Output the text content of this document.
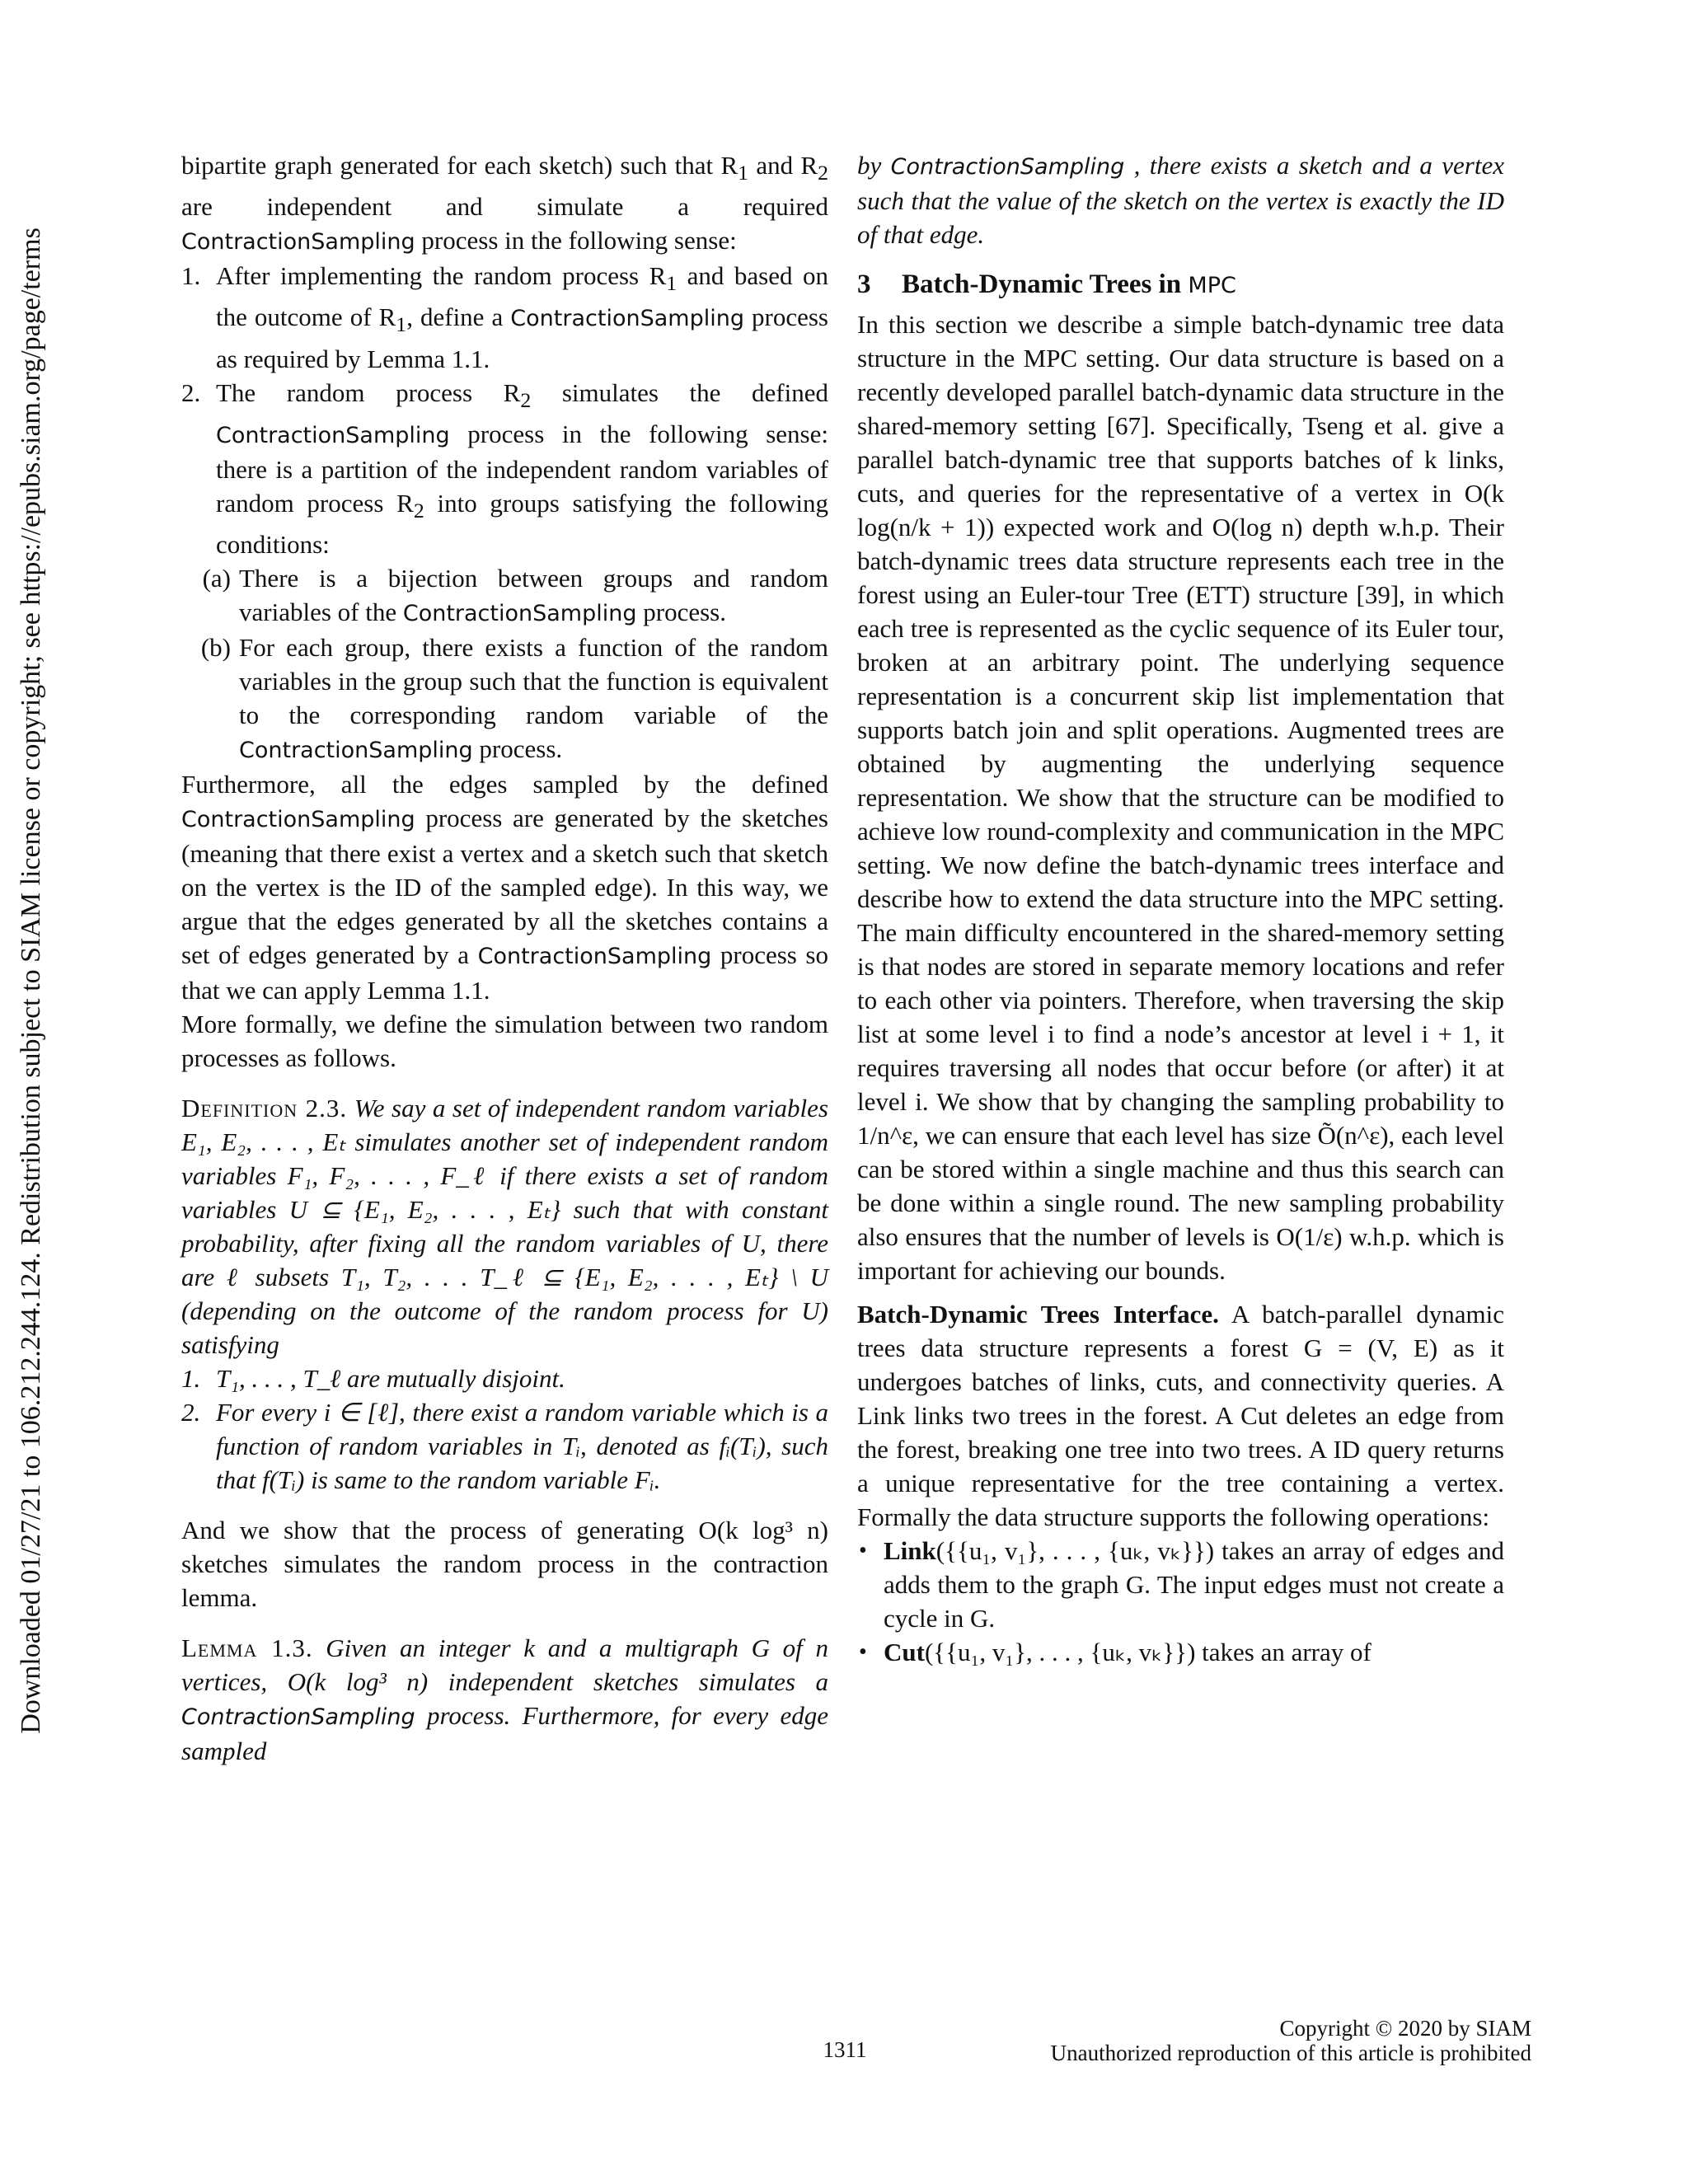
Downloaded 01/27/21 to 106.212.244.124. Redistribution subject to SIAM license or copyright; see https://epubs.siam.org/page/terms

bipartite graph generated for each sketch) such that $R_1$ and $R_2$ are independent and simulate a required ContractionSampling process in the following sense:

1. After implementing the random process $R_1$ and based on the outcome of $R_1$, define a ContractionSampling process as required by Lemma 1.1.
2. The random process $R_2$ simulates the defined ContractionSampling process in the following sense: there is a partition of the independent random variables of random process $R_2$ into groups satisfying the following conditions:
(a) There is a bijection between groups and random variables of the ContractionSampling process.
(b) For each group, there exists a function of the random variables in the group such that the function is equivalent to the corresponding random variable of the ContractionSampling process.

Furthermore, all the edges sampled by the defined ContractionSampling process are generated by the sketches (meaning that there exist a vertex and a sketch such that sketch on the vertex is the ID of the sampled edge). In this way, we argue that the edges generated by all the sketches contains a set of edges generated by a ContractionSampling process so that we can apply Lemma 1.1.

More formally, we define the simulation between two random processes as follows.

Definition 2.3. We say a set of independent random variables E₁, E₂, . . . , Eₜ simulates another set of independent random variables F₁, F₂, . . . , F_ℓ if there exists a set of random variables U ⊆ {E₁, E₂, . . . , Eₜ} such that with constant probability, after fixing all the random variables of U, there are ℓ subsets T₁, T₂, . . . T_ℓ ⊆ {E₁, E₂, . . . , Eₜ} \ U (depending on the outcome of the random process for U) satisfying

1. T₁, . . . , T_ℓ are mutually disjoint.
2. For every i ∈ [ℓ], there exist a random variable which is a function of random variables in Tᵢ, denoted as fᵢ(Tᵢ), such that f(Tᵢ) is same to the random variable Fᵢ.

And we show that the process of generating O(k log³ n) sketches simulates the random process in the contraction lemma.

Lemma 1.3. Given an integer k and a multigraph G of n vertices, O(k log³ n) independent sketches simulates a ContractionSampling process. Furthermore, for every edge sampled

by ContractionSampling , there exists a sketch and a vertex such that the value of the sketch on the vertex is exactly the ID of that edge.

3 Batch-Dynamic Trees in MPC

In this section we describe a simple batch-dynamic tree data structure in the MPC setting. Our data structure is based on a recently developed parallel batch-dynamic data structure in the shared-memory setting [67]. Specifically, Tseng et al. give a parallel batch-dynamic tree that supports batches of k links, cuts, and queries for the representative of a vertex in O(k log(n/k + 1)) expected work and O(log n) depth w.h.p. Their batch-dynamic trees data structure represents each tree in the forest using an Euler-tour Tree (ETT) structure [39], in which each tree is represented as the cyclic sequence of its Euler tour, broken at an arbitrary point. The underlying sequence representation is a concurrent skip list implementation that supports batch join and split operations. Augmented trees are obtained by augmenting the underlying sequence representation. We show that the structure can be modified to achieve low round-complexity and communication in the MPC setting. We now define the batch-dynamic trees interface and describe how to extend the data structure into the MPC setting. The main difficulty encountered in the shared-memory setting is that nodes are stored in separate memory locations and refer to each other via pointers. Therefore, when traversing the skip list at some level i to find a node’s ancestor at level i + 1, it requires traversing all nodes that occur before (or after) it at level i. We show that by changing the sampling probability to 1/n^ε, we can ensure that each level has size Õ(n^ε), each level can be stored within a single machine and thus this search can be done within a single round. The new sampling probability also ensures that the number of levels is O(1/ε) w.h.p. which is important for achieving our bounds.

Batch-Dynamic Trees Interface. A batch-parallel dynamic trees data structure represents a forest G = (V, E) as it undergoes batches of links, cuts, and connectivity queries. A Link links two trees in the forest. A Cut deletes an edge from the forest, breaking one tree into two trees. A ID query returns a unique representative for the tree containing a vertex. Formally the data structure supports the following operations:

• Link({{u₁, v₁}, . . . , {uₖ, vₖ}}) takes an array of edges and adds them to the graph G. The input edges must not create a cycle in G.
• Cut({{u₁, v₁}, . . . , {uₖ, vₖ}}) takes an array of
Copyright © 2020 by SIAM
Unauthorized reproduction of this article is prohibited
1311
